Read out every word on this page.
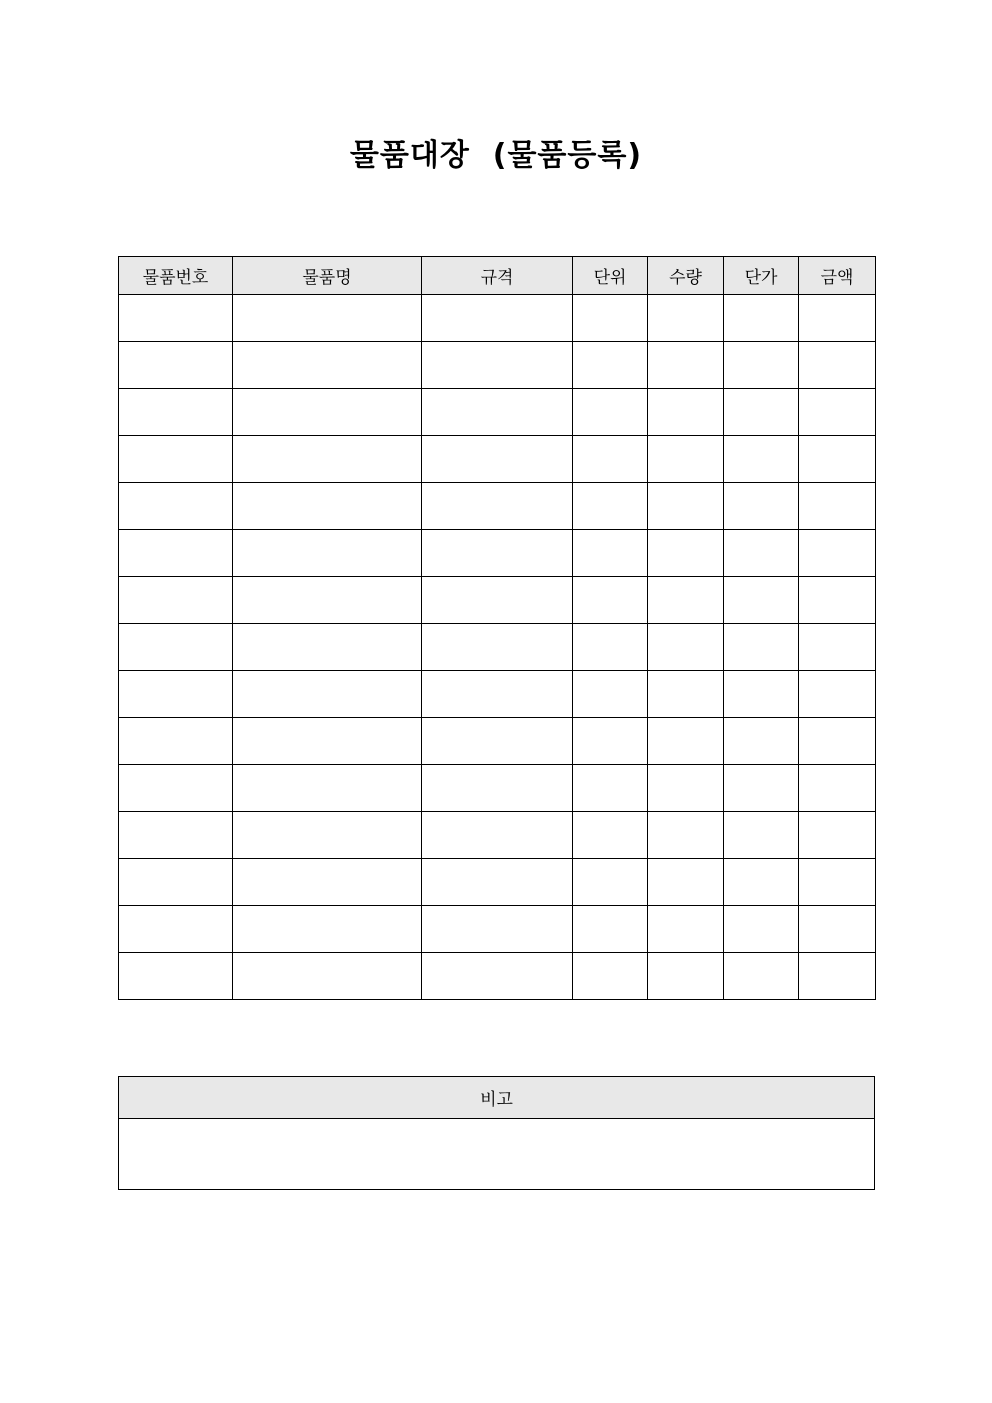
물품대장  (물품등록)
물품번호	물품명	규격	단위	수량	단가	금액

비고
